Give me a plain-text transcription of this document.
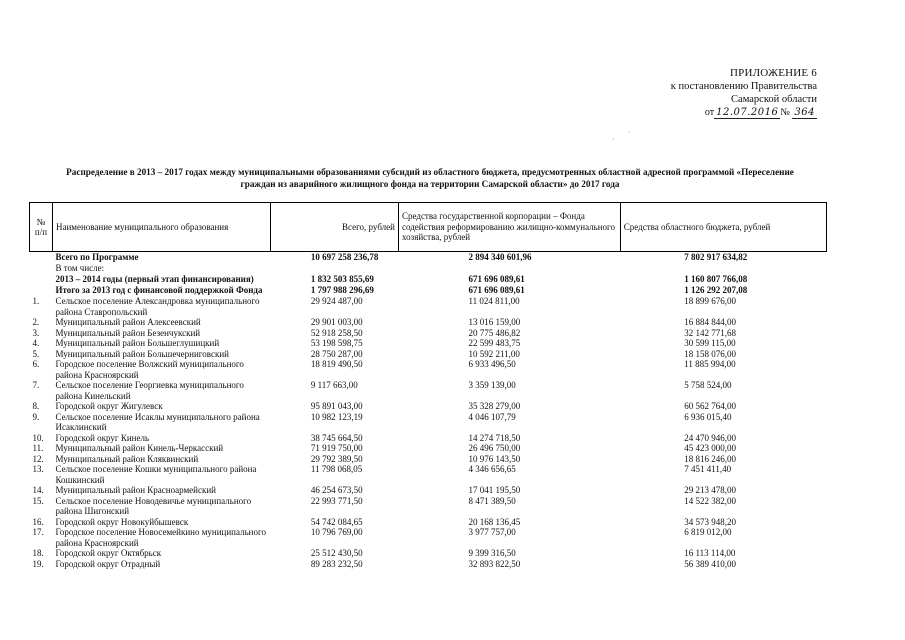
ПРИЛОЖЕНИЕ 6
к постановлению Правительства
Самарской области
от 12.07.2016 № 364
·
·
Распределение в 2013 – 2017 годах между муниципальными образованиями субсидий из областного бюджета, предусмотренных областной адресной программой «Переселение
граждан из аварийного жилищного фонда на территории Самарской области» до 2017 года
№ п/п	Наименование муниципального образования	Всего, рублей	Средства государственной корпорации – Фонда содействия реформированию жилищно-коммунального хозяйства, рублей	Средства областного бюджета, рублей
	Всего по Программе	10 697 258 236,78	2 894 340 601,96	7 802 917 634,82
	В том числе:			
	2013 – 2014 годы (первый этап финансирования)	1 832 503 855,69	671 696 089,61	1 160 807 766,08
	Итого за 2013 год с финансовой поддержкой Фонда	1 797 988 296,69	671 696 089,61	1 126 292 207,08
1.	Сельское поселение Александровка муниципального района Ставропольский	29 924 487,00	11 024 811,00	18 899 676,00
2.	Муниципальный район Алексеевский	29 901 003,00	13 016 159,00	16 884 844,00
3.	Муниципальный район Безенчукский	52 918 258,50	20 775 486,82	32 142 771,68
4.	Муниципальный район Большеглушицкий	53 198 598,75	22 599 483,75	30 599 115,00
5.	Муниципальный район Большечерниговский	28 750 287,00	10 592 211,00	18 158 076,00
6.	Городское поселение Волжский муниципального района Красноярский	18 819 490,50	6 933 496,50	11 885 994,00
7.	Сельское поселение Георгиевка муниципального района Кинельский	9 117 663,00	3 359 139,00	5 758 524,00
8.	Городской округ Жигулевск	95 891 043,00	35 328 279,00	60 562 764,00
9.	Сельское поселение Исаклы муниципального района Исаклинский	10 982 123,19	4 046 107,79	6 936 015,40
10.	Городской округ Кинель	38 745 664,50	14 274 718,50	24 470 946,00
11.	Муниципальный район Кинель-Черкасский	71 919 750,00	26 496 750,00	45 423 000,00
12.	Муниципальный район Кляквинский	29 792 389,50	10 976 143,50	18 816 246,00
13.	Сельское поселение Кошки муниципального района Кошкинский	11 798 068,05	4 346 656,65	7 451 411,40
14.	Муниципальный район Красноармейский	46 254 673,50	17 041 195,50	29 213 478,00
15.	Сельское поселение Новодевичье муниципального района Шигонский	22 993 771,50	8 471 389,50	14 522 382,00
16.	Городской округ Новокуйбышевск	54 742 084,65	20 168 136,45	34 573 948,20
17.	Городское поселение Новосемейкино муниципального района Красноярский	10 796 769,00	3 977 757,00	6 819 012,00
18.	Городской округ Октябрьск	25 512 430,50	9 399 316,50	16 113 114,00
19.	Городской округ Отрадный	89 283 232,50	32 893 822,50	56 389 410,00
